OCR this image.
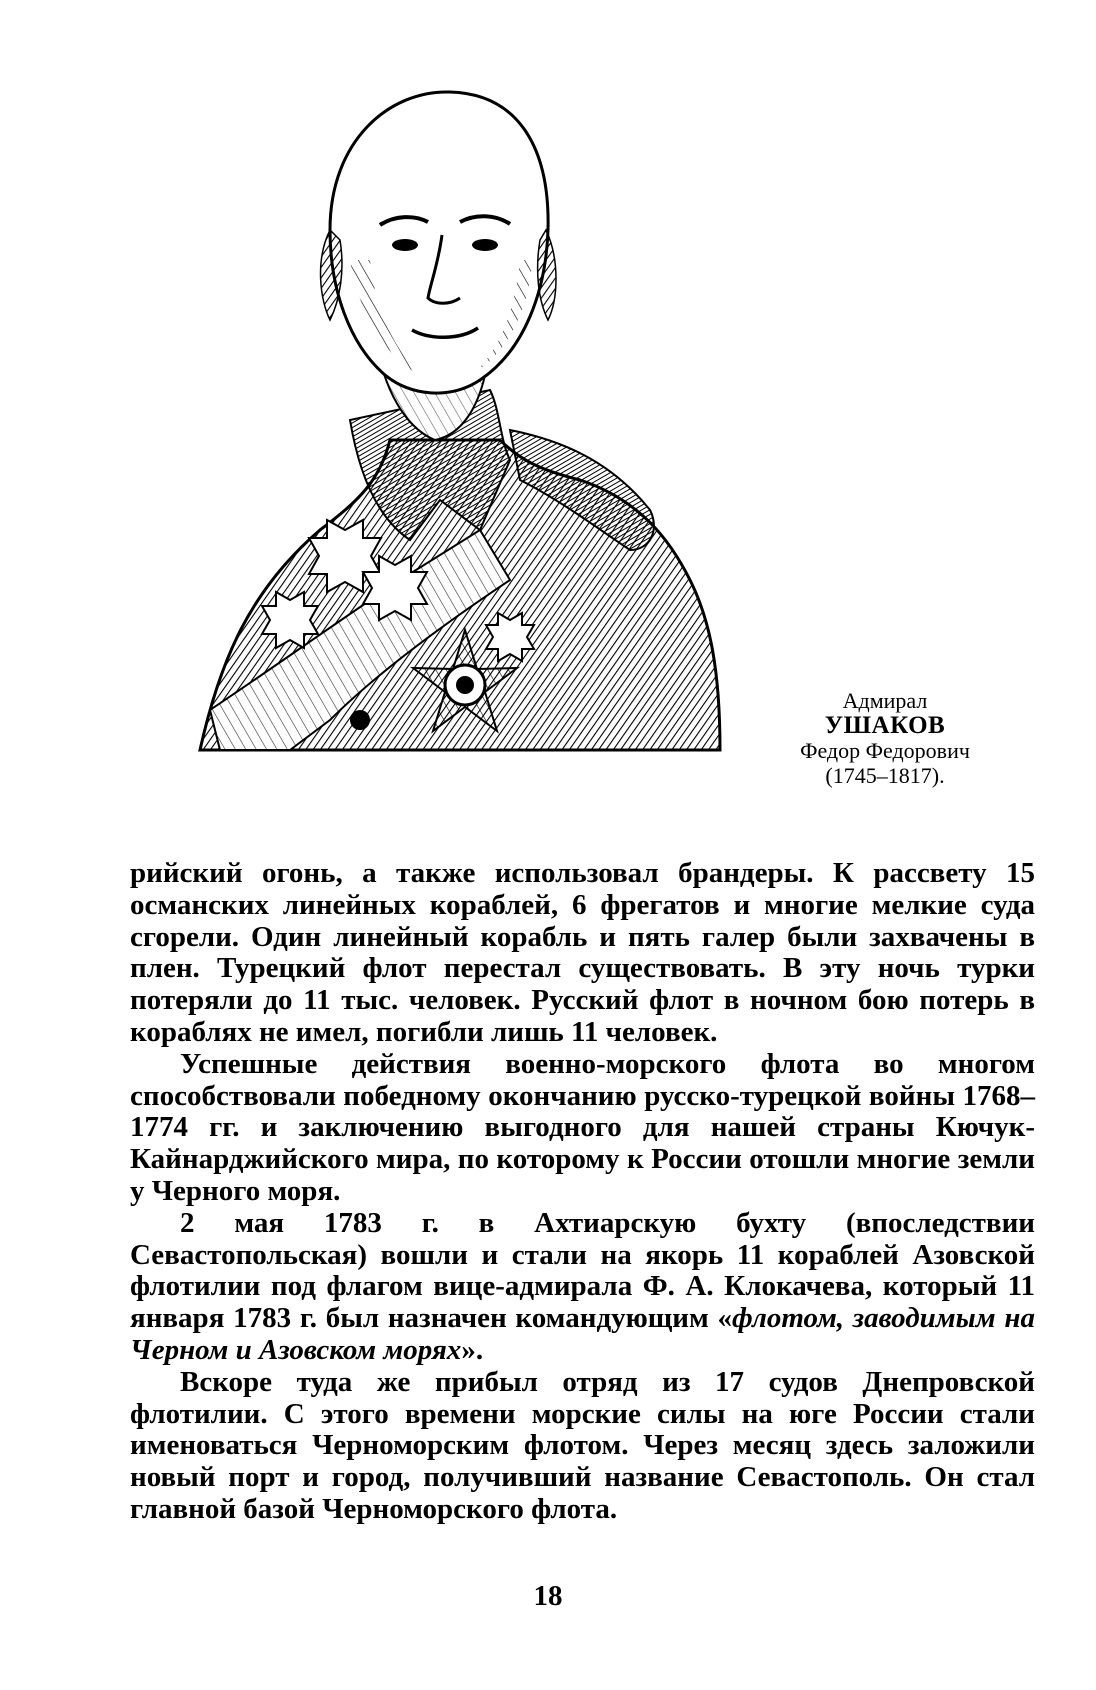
Адмирал
УШАКОВ
Федор Федорович
(1745–1817).

рийский огонь, а также использовал брандеры. К рассвету 15 османских линейных кораблей, 6 фрегатов и многие мелкие суда сгорели. Один линейный корабль и пять галер были захвачены в плен. Турецкий флот перестал существовать. В эту ночь турки потеряли до 11 тыс. человек. Русский флот в ночном бою потерь в кораблях не имел, погибли лишь 11 человек.

Успешные действия военно-морского флота во многом способствовали победному окончанию русско-турецкой войны 1768–1774 гг. и заключению выгодного для нашей страны Кючук-Кайнарджийского мира, по которому к России отошли многие земли у Черного моря.

2 мая 1783 г. в Ахтиарскую бухту (впоследствии Севастопольская) вошли и стали на якорь 11 кораблей Азовской флотилии под флагом вице-адмирала Ф. А. Клокачева, который 11 января 1783 г. был назначен командующим «флотом, заводимым на Черном и Азовском морях».

Вскоре туда же прибыл отряд из 17 судов Днепровской флотилии. С этого времени морские силы на юге России стали именоваться Черноморским флотом. Через месяц здесь заложили новый порт и город, получивший название Севастополь. Он стал главной базой Черноморского флота.

18
